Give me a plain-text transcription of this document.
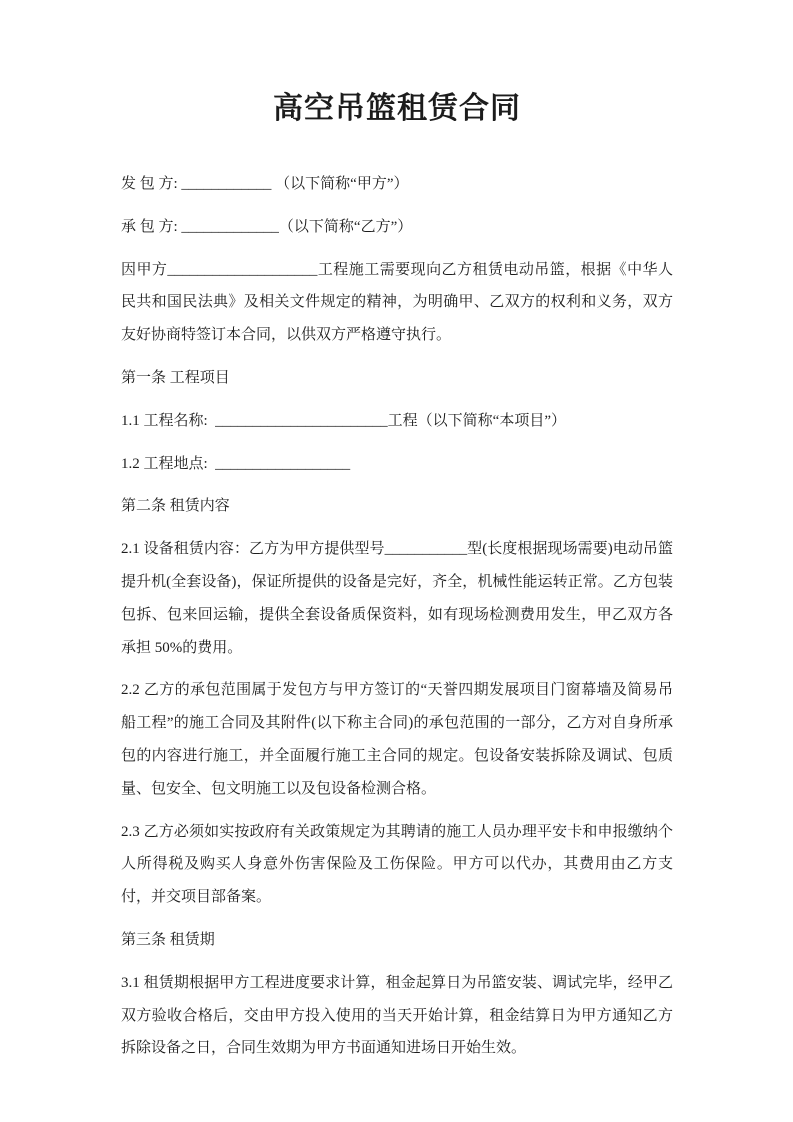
高空吊篮租赁合同

发 包 方: ____________ （以下简称“甲方”）

承 包 方: _____________（以下简称“乙方”）

因甲方____________________工程施工需要现向乙方租赁电动吊篮，根据《中华人民共和国民法典》及相关文件规定的精神，为明确甲、乙双方的权利和义务，双方友好协商特签订本合同，以供双方严格遵守执行。

第一条 工程项目

1.1 工程名称:  _______________________工程（以下简称“本项目”）

1.2 工程地点:  __________________

第二条 租赁内容

2.1 设备租赁内容：乙方为甲方提供型号___________型(长度根据现场需要)电动吊篮提升机(全套设备)，保证所提供的设备是完好，齐全，机械性能运转正常。乙方包装包拆、包来回运输，提供全套设备质保资料，如有现场检测费用发生，甲乙双方各承担 50%的费用。

2.2 乙方的承包范围属于发包方与甲方签订的“天誉四期发展项目门窗幕墙及简易吊船工程”的施工合同及其附件(以下称主合同)的承包范围的一部分，乙方对自身所承包的内容进行施工，并全面履行施工主合同的规定。包设备安装拆除及调试、包质量、包安全、包文明施工以及包设备检测合格。

2.3 乙方必须如实按政府有关政策规定为其聘请的施工人员办理平安卡和申报缴纳个人所得税及购买人身意外伤害保险及工伤保险。甲方可以代办，其费用由乙方支付，并交项目部备案。

第三条 租赁期

3.1 租赁期根据甲方工程进度要求计算，租金起算日为吊篮安装、调试完毕，经甲乙双方验收合格后，交由甲方投入使用的当天开始计算，租金结算日为甲方通知乙方拆除设备之日，合同生效期为甲方书面通知进场日开始生效。
